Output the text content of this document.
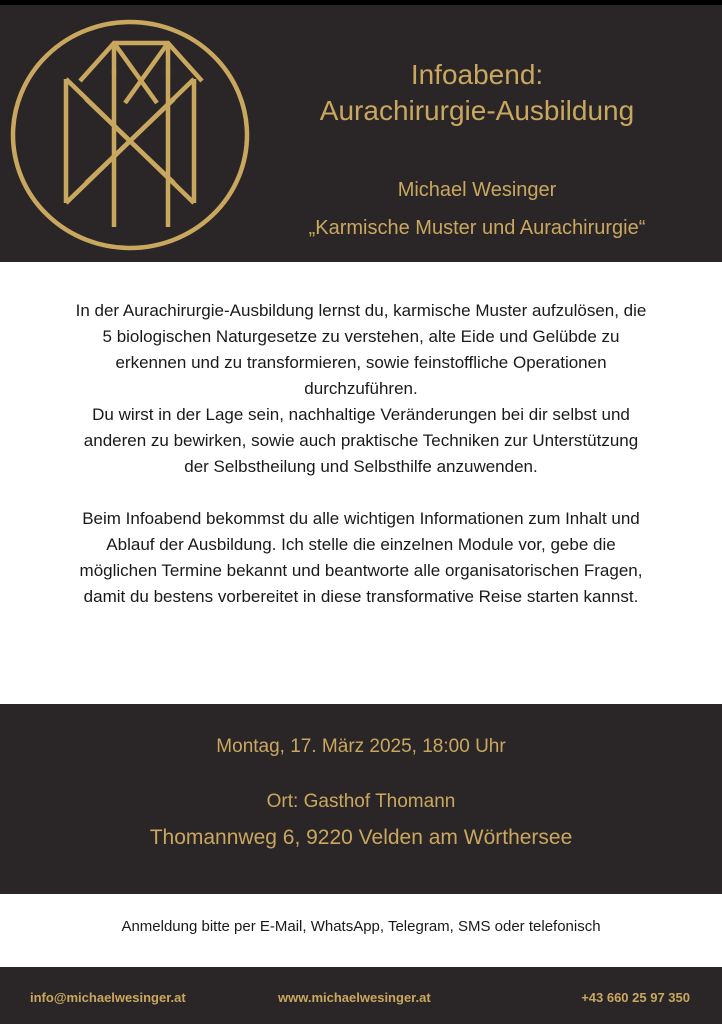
Infoabend:
Aurachirurgie-Ausbildung
Michael Wesinger
„Karmische Muster und Aurachirurgie“

In der Aurachirurgie-Ausbildung lernst du, karmische Muster aufzulösen, die

5 biologischen Naturgesetze zu verstehen, alte Eide und Gelübde zu

erkennen und zu transformieren, sowie feinstoffliche Operationen

durchzuführen.

Du wirst in der Lage sein, nachhaltige Veränderungen bei dir selbst und

anderen zu bewirken, sowie auch praktische Techniken zur Unterstützung

der Selbstheilung und Selbsthilfe anzuwenden.

Beim Infoabend bekommst du alle wichtigen Informationen zum Inhalt und

Ablauf der Ausbildung. Ich stelle die einzelnen Module vor, gebe die

möglichen Termine bekannt und beantworte alle organisatorischen Fragen,

damit du bestens vorbereitet in diese transformative Reise starten kannst.

Montag, 17. März 2025, 18:00 Uhr
Ort: Gasthof Thomann
Thomannweg 6, 9220 Velden am Wörthersee
Anmeldung bitte per E-Mail, WhatsApp, Telegram, SMS oder telefonisch
info@michaelwesinger.at	www.michaelwesinger.at	+43 660 25 97 350
